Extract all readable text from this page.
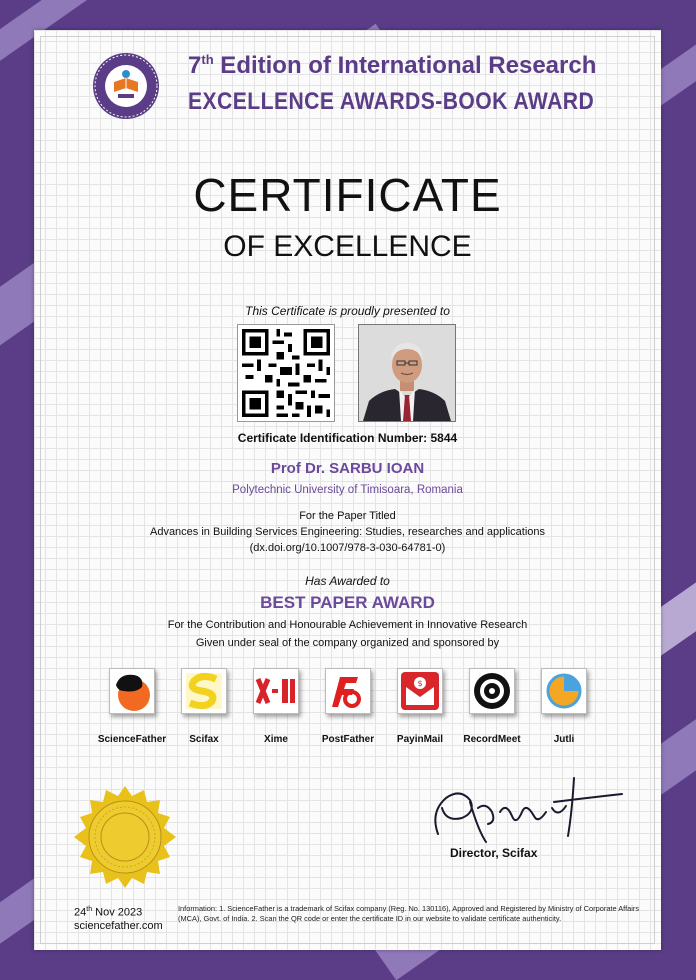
7th Edition of International Research
EXCELLENCE AWARDS-BOOK AWARD
CERTIFICATE
OF EXCELLENCE
This Certificate is proudly presented to
Certificate Identification Number: 5844
Prof Dr. SARBU IOAN
Polytechnic University of Timisoara, Romania
For the Paper Titled
Advances in Building Services Engineering: Studies, researches and applications
(dx.doi.org/10.1007/978-3-030-64781-0)
Has Awarded to
BEST PAPER AWARD
For the Contribution and Honourable Achievement in Innovative Research
Given under seal of the company organized and sponsored by
ScienceFather	Scifax	Xime	PostFather
$
PayinMail	RecordMeet	Jutli
Director, Scifax
24th Nov 2023
sciencefather.com
Information: 1. ScienceFather is a trademark of Scifax company (Reg. No. 130116), Approved and Registered by Ministry of Corporate Affairs (MCA), Govt. of India. 2. Scan the QR code or enter the certificate ID in our website to validate certificate authenticity.
